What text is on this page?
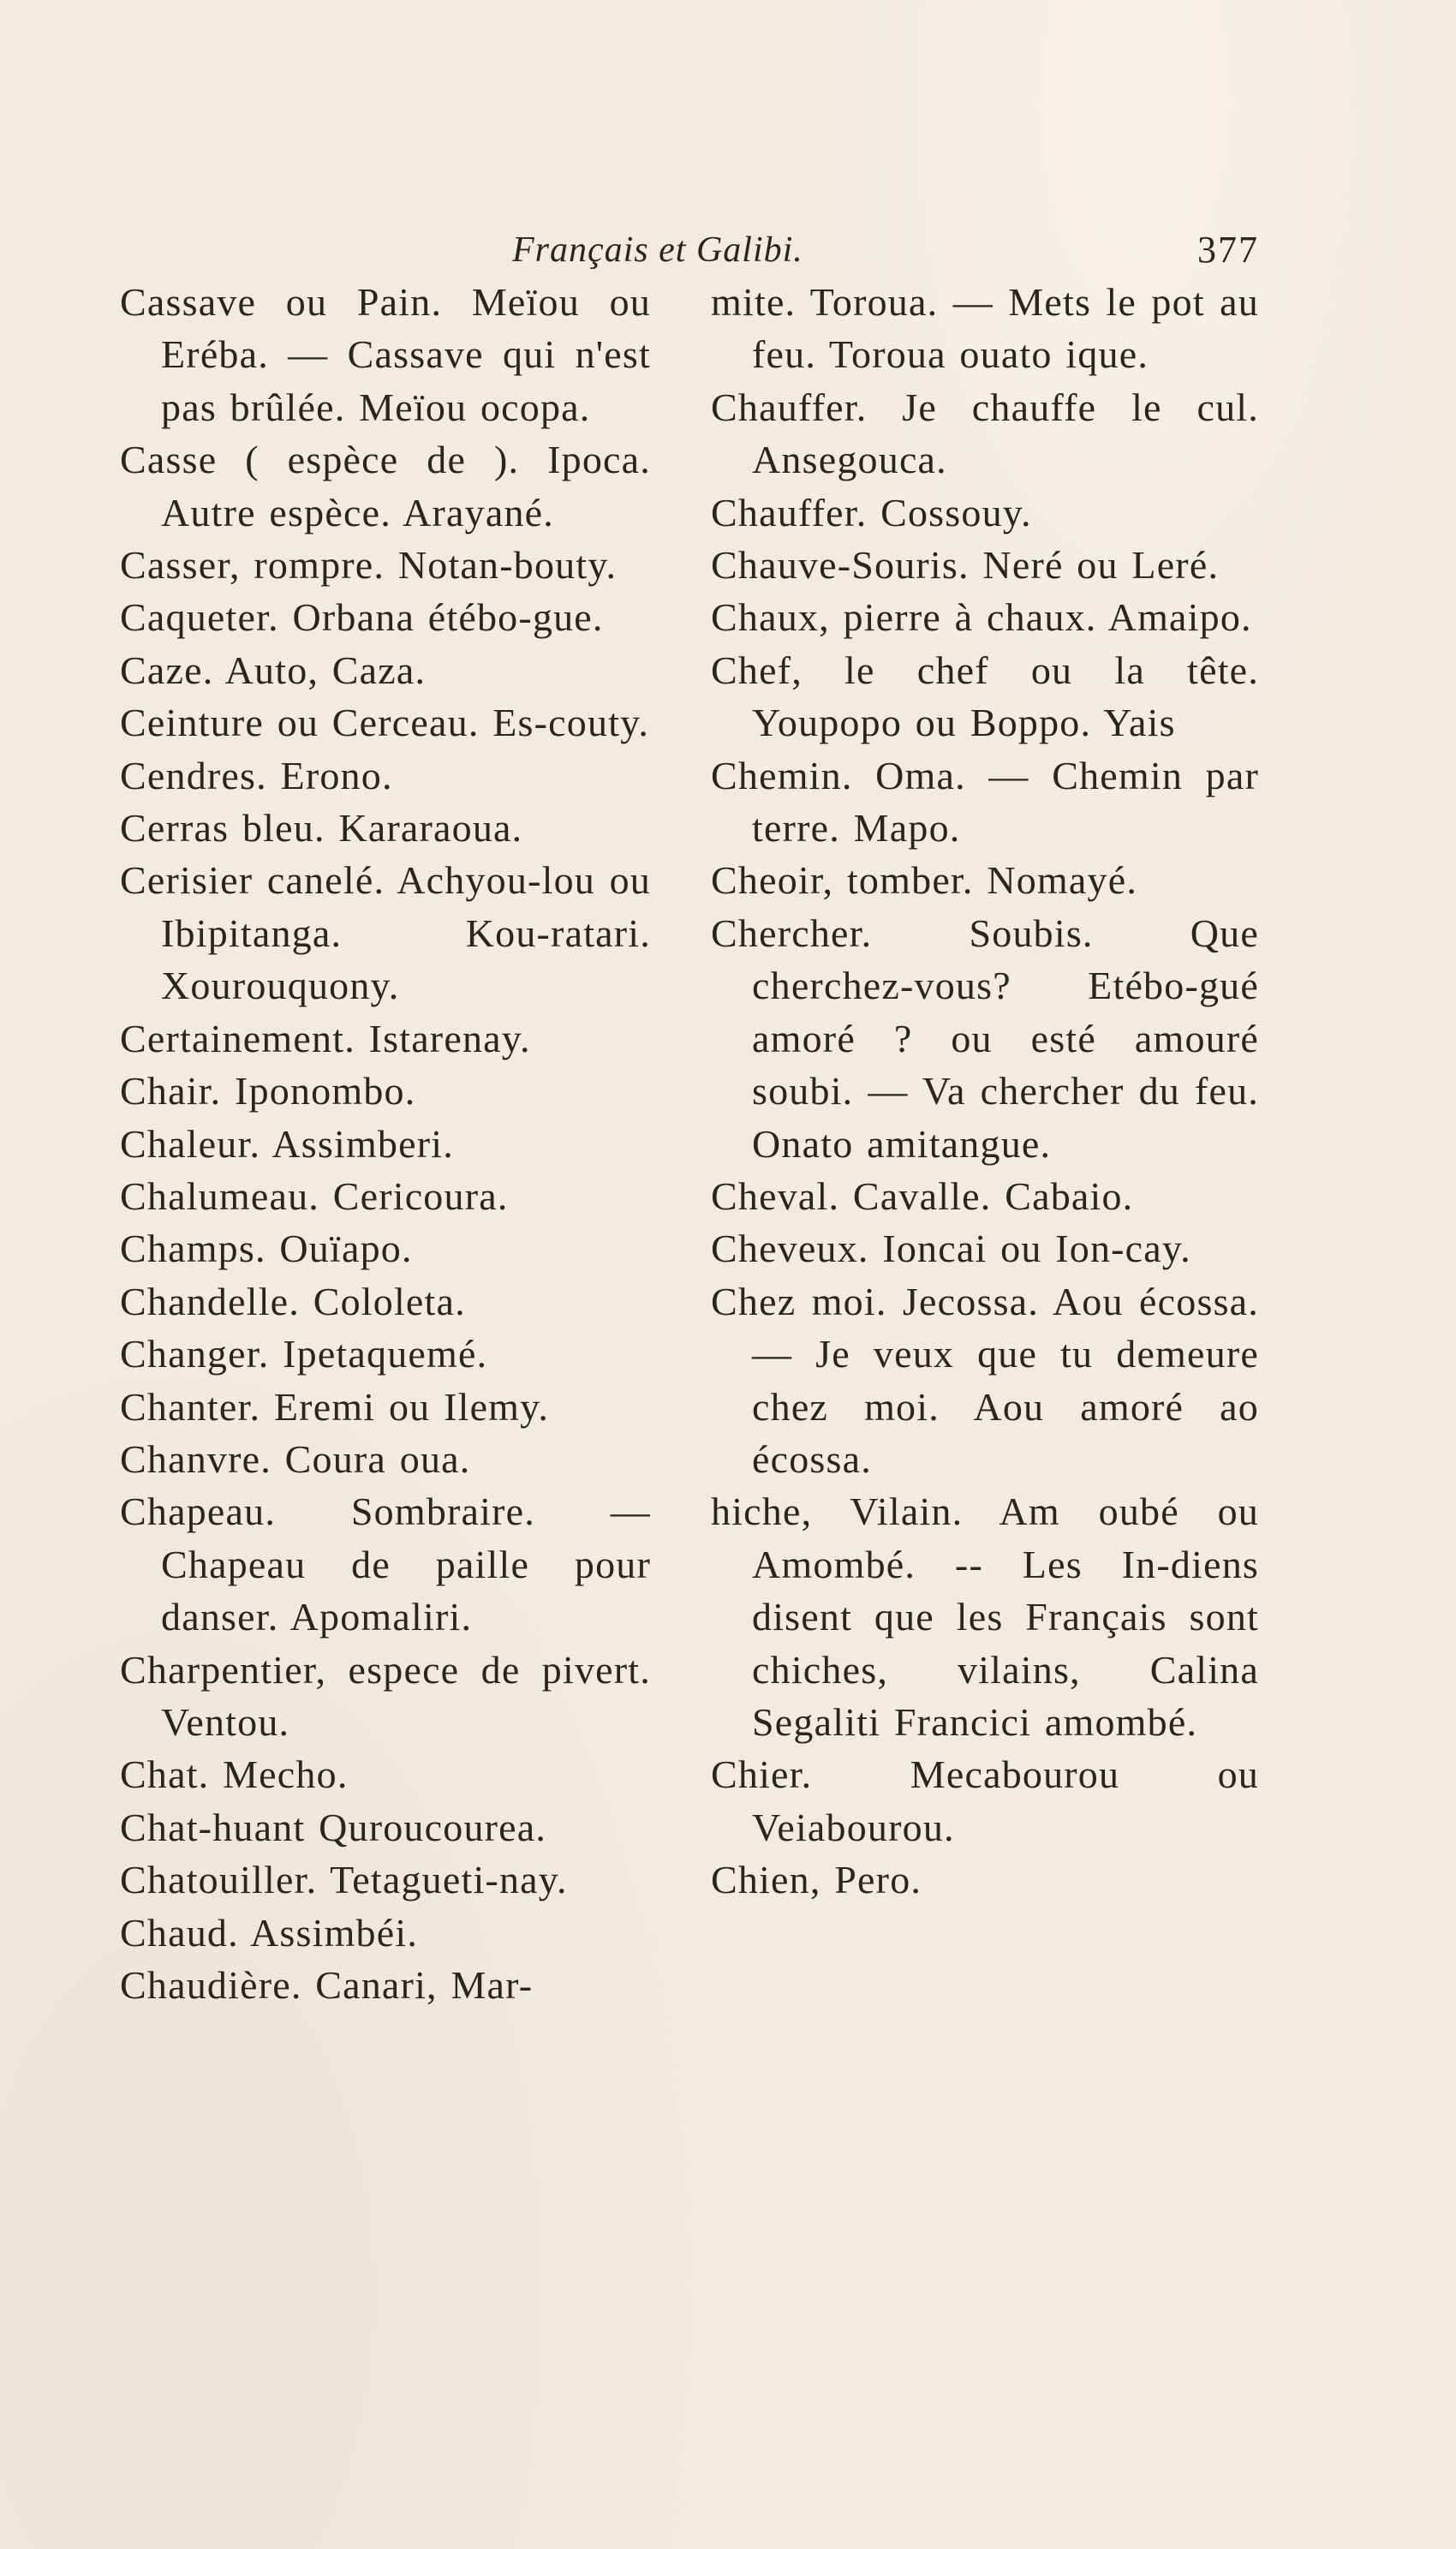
Français et Galibi.	377

Cassave ou Pain. Meïou ou Eréba. — Cassave qui n'est pas brûlée. Meïou ocopa.

Casse ( espèce de ). Ipoca. Autre espèce. Arayané.

Casser, rompre. Notan-bouty.

Caqueter. Orbana étébo-gue.

Caze. Auto, Caza.

Ceinture ou Cerceau. Es-couty.

Cendres. Erono.

Cerras bleu. Kararaoua.

Cerisier canelé. Achyou-lou ou Ibipitanga. Kou-ratari. Xourouquony.

Certainement. Istarenay.

Chair. Iponombo.

Chaleur. Assimberi.

Chalumeau. Cericoura.

Champs. Ouïapo.

Chandelle. Cololeta.

Changer. Ipetaquemé.

Chanter. Eremi ou Ilemy.

Chanvre. Coura oua.

Chapeau. Sombraire. — Chapeau de paille pour danser. Apomaliri.

Charpentier, espece de pivert. Ventou.

Chat. Mecho.

Chat-huant Quroucourea.

Chatouiller. Tetagueti-nay.

Chaud. Assimbéi.

Chaudière. Canari, Mar-

mite. Toroua. — Mets le pot au feu. Toroua ouato ique.

Chauffer. Je chauffe le cul. Ansegouca.

Chauffer. Cossouy.

Chauve-Souris. Neré ou Leré.

Chaux, pierre à chaux. Amaipo.

Chef, le chef ou la tête. Youpopo ou Boppo. Yais

Chemin. Oma. — Chemin par terre. Mapo.

Cheoir, tomber. Nomayé.

Chercher. Soubis. Que cherchez-vous? Etébo-gué amoré ? ou esté amouré soubi. — Va chercher du feu. Onato amitangue.

Cheval. Cavalle. Cabaio.

Cheveux. Ioncai ou Ion-cay.

Chez moi. Jecossa. Aou écossa. — Je veux que tu demeure chez moi. Aou amoré ao écossa.

hiche, Vilain. Am oubé ou Amombé. -- Les In-diens disent que les Français sont chiches, vilains, Calina Segaliti Francici amombé.

Chier. Mecabourou ou Veiabourou.

Chien, Pero.
